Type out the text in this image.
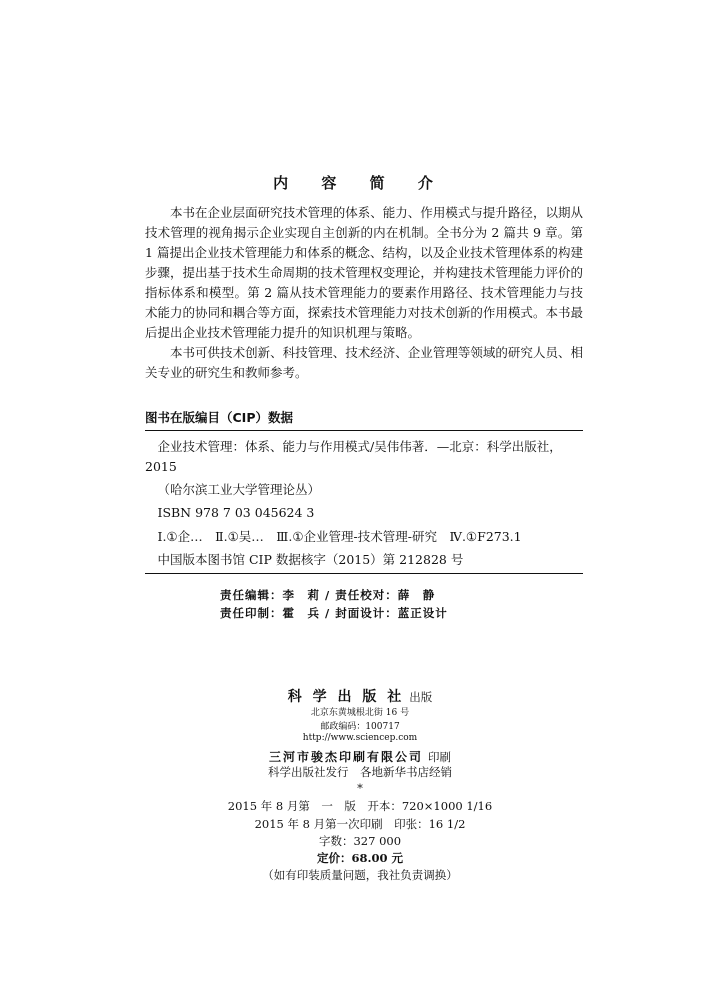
内 容 简 介

本书在企业层面研究技术管理的体系、能力、作用模式与提升路径，以期从技术管理的视角揭示企业实现自主创新的内在机制。全书分为 2 篇共 9 章。第 1 篇提出企业技术管理能力和体系的概念、结构，以及企业技术管理体系的构建步骤，提出基于技术生命周期的技术管理权变理论，并构建技术管理能力评价的指标体系和模型。第 2 篇从技术管理能力的要素作用路径、技术管理能力与技术能力的协同和耦合等方面，探索技术管理能力对技术创新的作用模式。本书最后提出企业技术管理能力提升的知识机理与策略。

本书可供技术创新、科技管理、技术经济、企业管理等领域的研究人员、相关专业的研究生和教师参考。

图书在版编目（CIP）数据

企业技术管理：体系、能力与作用模式/吴伟伟著．—北京：科学出版社，2015

（哈尔滨工业大学管理论丛）

ISBN 978 7 03 045624 3

Ⅰ.①企…　Ⅱ.①吴…　Ⅲ.①企业管理-技术管理-研究　Ⅳ.①F273.1

中国版本图书馆 CIP 数据核字（2015）第 212828 号

责任编辑：李　莉 / 责任校对：薛　静
责任印制：霍　兵 / 封面设计：蓝正设计
科 学 出 版 社 出版
北京东黄城根北街 16 号
邮政编码：100717
http://www.sciencep.com
三河市骏杰印刷有限公司 印刷
科学出版社发行　各地新华书店经销
*
2015 年 8 月第　一　版　开本：720×1000 1/16
2015 年 8 月第一次印刷　印张：16 1/2
字数：327 000
定价：68.00 元
（如有印装质量问题，我社负责调换）
